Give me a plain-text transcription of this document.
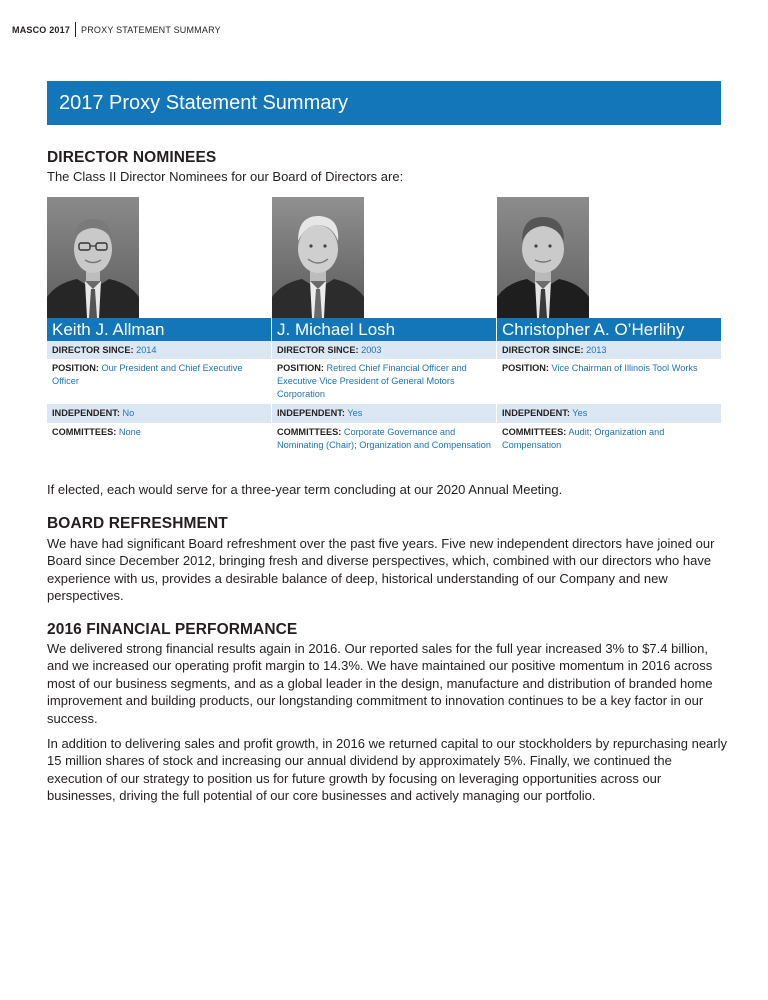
MASCO 2017	PROXY STATEMENT SUMMARY
2017 Proxy Statement Summary
DIRECTOR NOMINEES

The Class II Director Nominees for our Board of Directors are:

Keith J. Allman
DIRECTOR SINCE: 2014
POSITION: Our President and Chief Executive Officer
INDEPENDENT: No
COMMITTEES: None
J. Michael Losh
DIRECTOR SINCE: 2003
POSITION: Retired Chief Financial Officer and Executive Vice President of General Motors Corporation
INDEPENDENT: Yes
COMMITTEES: Corporate Governance and Nominating (Chair); Organization and Compensation
Christopher A. O’Herlihy
DIRECTOR SINCE: 2013
POSITION: Vice Chairman of Illinois Tool Works
INDEPENDENT: Yes
COMMITTEES: Audit; Organization and Compensation

If elected, each would serve for a three-year term concluding at our 2020 Annual Meeting.

BOARD REFRESHMENT

We have had significant Board refreshment over the past five years. Five new independent directors have joined our Board since December 2012, bringing fresh and diverse perspectives, which, combined with our directors who have experience with us, provides a desirable balance of deep, historical understanding of our Company and new perspectives.

2016 FINANCIAL PERFORMANCE

We delivered strong financial results again in 2016. Our reported sales for the full year increased 3% to $7.4 billion, and we increased our operating profit margin to 14.3%. We have maintained our positive momentum in 2016 across most of our business segments, and as a global leader in the design, manufacture and distribution of branded home improvement and building products, our longstanding commitment to innovation continues to be a key factor in our success.

In addition to delivering sales and profit growth, in 2016 we returned capital to our stockholders by repurchasing nearly 15 million shares of stock and increasing our annual dividend by approximately 5%. Finally, we continued the execution of our strategy to position us for future growth by focusing on leveraging opportunities across our businesses, driving the full potential of our core businesses and actively managing our portfolio.
